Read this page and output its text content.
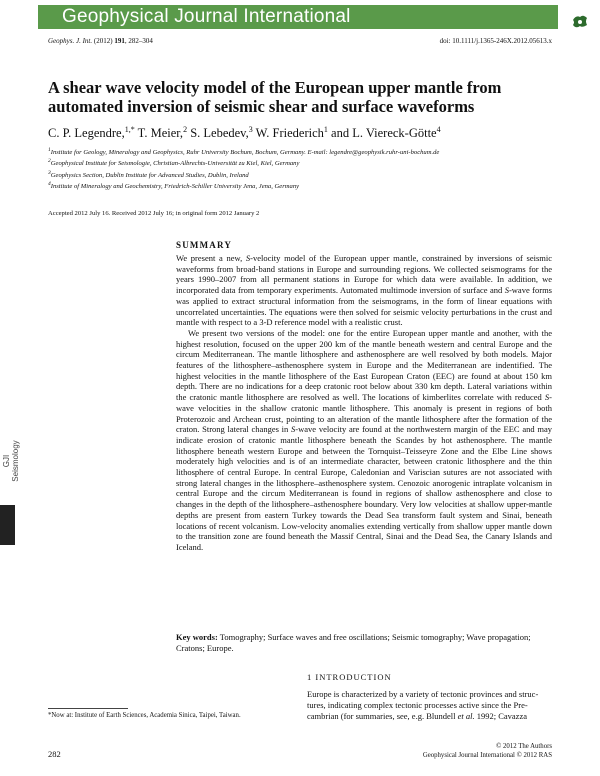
Geophysical Journal International
Geophys. J. Int. (2012) 191, 282–304	doi: 10.1111/j.1365-246X.2012.05613.x
A shear wave velocity model of the European upper mantle from automated inversion of seismic shear and surface waveforms
C. P. Legendre,$^{1,*}$ T. Meier,$^2$ S. Lebedev,$^3$ W. Friederich$^1$ and L. Viereck-Götte$^4$
$^1$Institute for Geology, Mineralogy and Geophysics, Ruhr University Bochum, Bochum, Germany. E-mail: legendre@geophysik.ruhr-uni-bochum.de
$^2$Geophysical Institute for Seismologie, Christian-Albrechts-Universität zu Kiel, Kiel, Germany
$^3$Geophysics Section, Dublin Institute for Advanced Studies, Dublin, Ireland
$^4$Institute of Mineralogy and Geochemistry, Friedrich-Schiller University Jena, Jena, Germany
Accepted 2012 July 16. Received 2012 July 16; in original form 2012 January 2
SUMMARY

We present a new, S-velocity model of the European upper mantle, constrained by inversions of seismic waveforms from broad-band stations in Europe and surrounding regions. We collected seismograms for the years 1990–2007 from all permanent stations in Europe for which data were available. In addition, we incorporated data from temporary experiments. Automated multimode inversion of surface and S-wave forms was applied to extract structural information from the seismograms, in the form of linear equations with uncorrelated uncertainties. The equations were then solved for seismic velocity perturbations in the crust and mantle with respect to a 3-D reference model with a realistic crust.

We present two versions of the model: one for the entire European upper mantle and another, with the highest resolution, focused on the upper 200 km of the mantle beneath western and central Europe and the circum Mediterranean. The mantle lithosphere and asthenosphere are well resolved by both models. Major features of the lithosphere–asthenosphere system in Europe and the Mediterranean are indentified. The highest velocities in the mantle lithosphere of the East European Craton (EEC) are found at about 150 km depth. There are no indications for a deep cratonic root below about 330 km depth. Lateral variations within the cratonic mantle lithosphere are resolved as well. The locations of kimberlites correlate with reduced S-wave velocities in the shallow cratonic mantle lithosphere. This anomaly is present in regions of both Proterozoic and Archean crust, pointing to an alteration of the mantle lithosphere after the formation of the craton. Strong lateral changes in S-wave velocity are found at the northwestern margin of the EEC and may indicate erosion of cratonic mantle lithosphere beneath the Scandes by hot asthenosphere. The mantle lithosphere beneath western Europe and between the Tornquist–Teisseyre Zone and the Elbe Line shows moderately high velocities and is of an intermediate character, between cratonic lithosphere and the thin lithosphere of central Europe. In central Europe, Caledonian and Variscian sutures are not associated with strong lateral changes in the lithosphere–asthenosphere system. Cenozoic anorogenic intraplate volcanism in central Europe and the circum Mediterranean is found in regions of shallow asthenosphere and close to changes in the depth of the lithosphere–asthenosphere boundary. Very low velocities at shallow upper-mantle depths are present from eastern Turkey towards the Dead Sea transform fault system and Sinai, beneath locations of recent volcanism. Low-velocity anomalies extending vertically from shallow upper mantle down to the transition zone are found beneath the Massif Central, Sinai and the Dead Sea, the Canary Islands and Iceland.

Key words: Tomography; Surface waves and free oscillations; Seismic tomography; Wave propagation; Cratons; Europe.
GJI Seismology
1 INTRODUCTION
Europe is characterized by a variety of tectonic provinces and struc-
tures, indicating complex tectonic processes active since the Pre-
cambrian (for summaries, see, e.g. Blundell et al. 1992; Cavazza
*Now at: Institute of Earth Sciences, Academia Sinica, Taipei, Taiwan.
282
© 2012 The Authors
Geophysical Journal International © 2012 RAS
